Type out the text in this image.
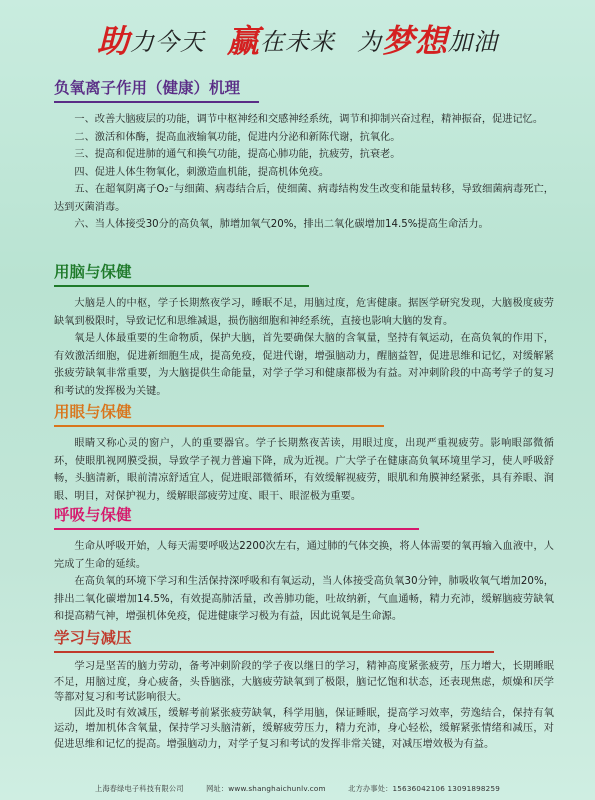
助 力今天 赢 在未来 为 梦想 加油
负氧离子作用（健康）机理

一、改善大脑疲层的功能，调节中枢神经和交感神经系统，调节和抑制兴奋过程，精神振奋，促进记忆。

二、激活和体酶，提高血液输氧功能，促进内分泌和新陈代谢，抗氧化。

三、提高和促进肺的通气和换气功能，提高心肺功能，抗疲劳，抗衰老。

四、促进人体生物氧化，刺激造血机能，提高机体免疫。

五、在超氧阴离子O₂⁻与细菌、病毒结合后，使细菌、病毒结构发生改变和能量转移，导致细菌病毒死亡，达到灭菌消毒。

六、当人体接受30分的高负氧，肺增加氧气20%，排出二氧化碳增加14.5%提高生命活力。

用脑与保健

大脑是人的中枢，学子长期熬夜学习，睡眠不足，用脑过度，危害健康。据医学研究发现，大脑极度疲劳缺氧到极限时，导致记忆和思维减退，损伤脑细胞和神经系统，直接也影响大脑的发育。

氧是人体最重要的生命物质，保护大脑，首先要确保大脑的含氧量，坚持有氧运动，在高负氧的作用下，有效激活细胞，促进新细胞生成，提高免疫，促进代谢，增强脑动力，醒脑益智，促进思维和记忆，对缓解紧张疲劳缺氧非常重要，为大脑提供生命能量，对学子学习和健康都极为有益。对冲刺阶段的中高考学子的复习和考试的发挥极为关键。

用眼与保健

眼睛又称心灵的窗户，人的重要器官。学子长期熬夜苦读，用眼过度，出现严重视疲劳。影响眼部微循环，使眼肌视网膜受损，导致学子视力普遍下降，成为近视。广大学子在健康高负氧环境里学习，使人呼吸舒畅，头脑清新，眼前清凉舒适宜人，促进眼部微循环，有效缓解视疲劳，眼肌和角膜神经紧张，具有养眼、润眼、明目，对保护视力，缓解眼部疲劳过度、眼干、眼涩极为重要。

呼吸与保健

生命从呼吸开始，人每天需要呼吸达2200次左右，通过肺的气体交换，将人体需要的氧再输入血液中，人完成了生命的延续。

在高负氧的环境下学习和生活保持深呼吸和有氧运动，当人体接受高负氧30分钟，肺吸收氧气增加20%，排出二氧化碳增加14.5%，有效提高肺活量，改善肺功能，吐故纳新，气血通畅，精力充沛，缓解脑疲劳缺氧和提高精气神，增强机体免疫，促进健康学习极为有益，因此说氧是生命源。

学习与减压

学习是坚苦的脑力劳动，备考冲刺阶段的学子夜以继日的学习，精神高度紧张疲劳，压力增大，长期睡眠不足，用脑过度，身心疲备，头昏脑涨，大脑疲劳缺氧到了极限，脑记忆饱和状态，还表现焦虑，烦燥和厌学等都对复习和考试影响很大。

因此及时有效减压，缓解考前紧张疲劳缺氧，科学用脑，保证睡眠，提高学习效率，劳逸结合，保持有氧运动，增加机体含氧量，保持学习头脑清新，缓解疲劳压力，精力充沛，身心轻松，缓解紧张情绪和减压，对促进思维和记忆的提高。增强脑动力，对学子复习和考试的发挥非常关键，对减压增效极为有益。

上海春绿电子科技有限公司	网址：www.shanghaichunlv.com	北方办事处：15636042106 13091898259
